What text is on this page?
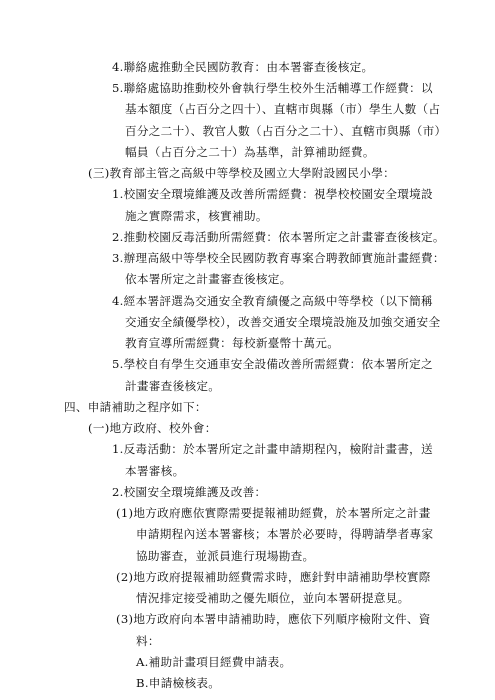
4.聯絡處推動全民國防教育：由本署審查後核定。
5.聯絡處協助推動校外會執行學生校外生活輔導工作經費：以
基本額度（占百分之四十）、直轄市與縣（市）學生人數（占
百分之二十）、教官人數（占百分之二十）、直轄市與縣（市）
幅員（占百分之二十）為基準，計算補助經費。
(三)教育部主管之高級中等學校及國立大學附設國民小學：
1.校園安全環境維護及改善所需經費：視學校校園安全環境設
施之實際需求，核實補助。
2.推動校園反毒活動所需經費：依本署所定之計畫審查後核定。
3.辦理高級中等學校全民國防教育專案合聘教師實施計畫經費：
依本署所定之計畫審查後核定。
4.經本署評選為交通安全教育績優之高級中等學校（以下簡稱
交通安全績優學校），改善交通安全環境設施及加強交通安全
教育宣導所需經費：每校新臺幣十萬元。
5.學校自有學生交通車安全設備改善所需經費：依本署所定之
計畫審查後核定。
四、申請補助之程序如下：
(一)地方政府、校外會：
1.反毒活動：於本署所定之計畫申請期程內，檢附計畫書，送
本署審核。
2.校園安全環境維護及改善：
(1)地方政府應依實際需要提報補助經費，於本署所定之計畫
申請期程內送本署審核；本署於必要時，得聘請學者專家
協助審查，並派員進行現場勘查。
(2)地方政府提報補助經費需求時，應針對申請補助學校實際
情況排定接受補助之優先順位，並向本署研提意見。
(3)地方政府向本署申請補助時，應依下列順序檢附文件、資
料：
A.補助計畫項目經費申請表。
B.申請檢核表。
